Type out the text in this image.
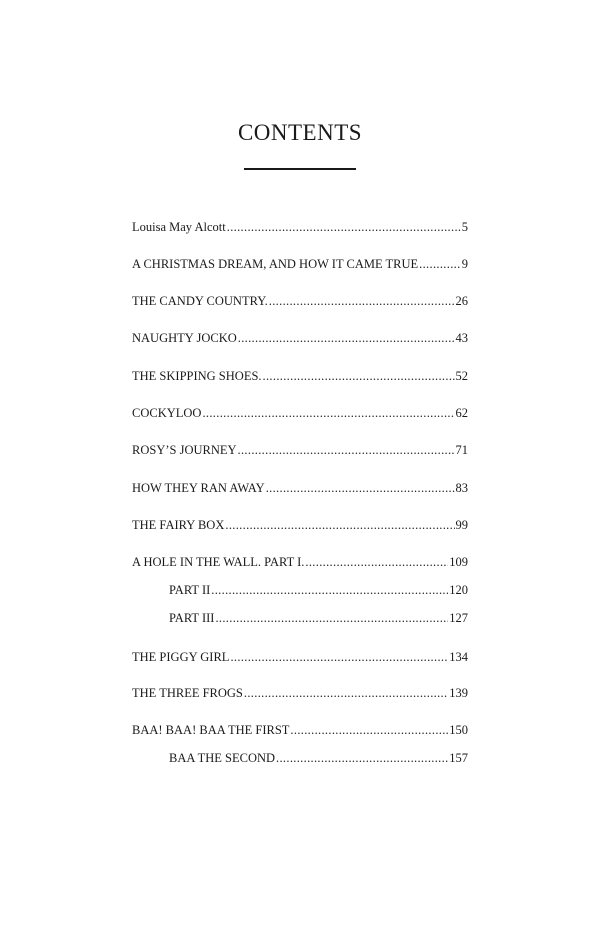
CONTENTS
Louisa May Alcott . . .	5
A CHRISTMAS DREAM, AND HOW IT CAME TRUE . . .	9
THE CANDY COUNTRY. . . .	26
NAUGHTY JOCKO . . .	43
THE SKIPPING SHOES. . . .	52
COCKYLOO . . .	62
ROSY’S JOURNEY . . .	71
HOW THEY RAN AWAY . . .	83
THE FAIRY BOX . . .	99
A HOLE IN THE WALL. PART I. . . .	109
PART II . . .	120
PART III . . .	127
THE PIGGY GIRL . . .	134
THE THREE FROGS . . .	139
BAA! BAA! BAA THE FIRST . . .	150
BAA THE SECOND . . .	157
